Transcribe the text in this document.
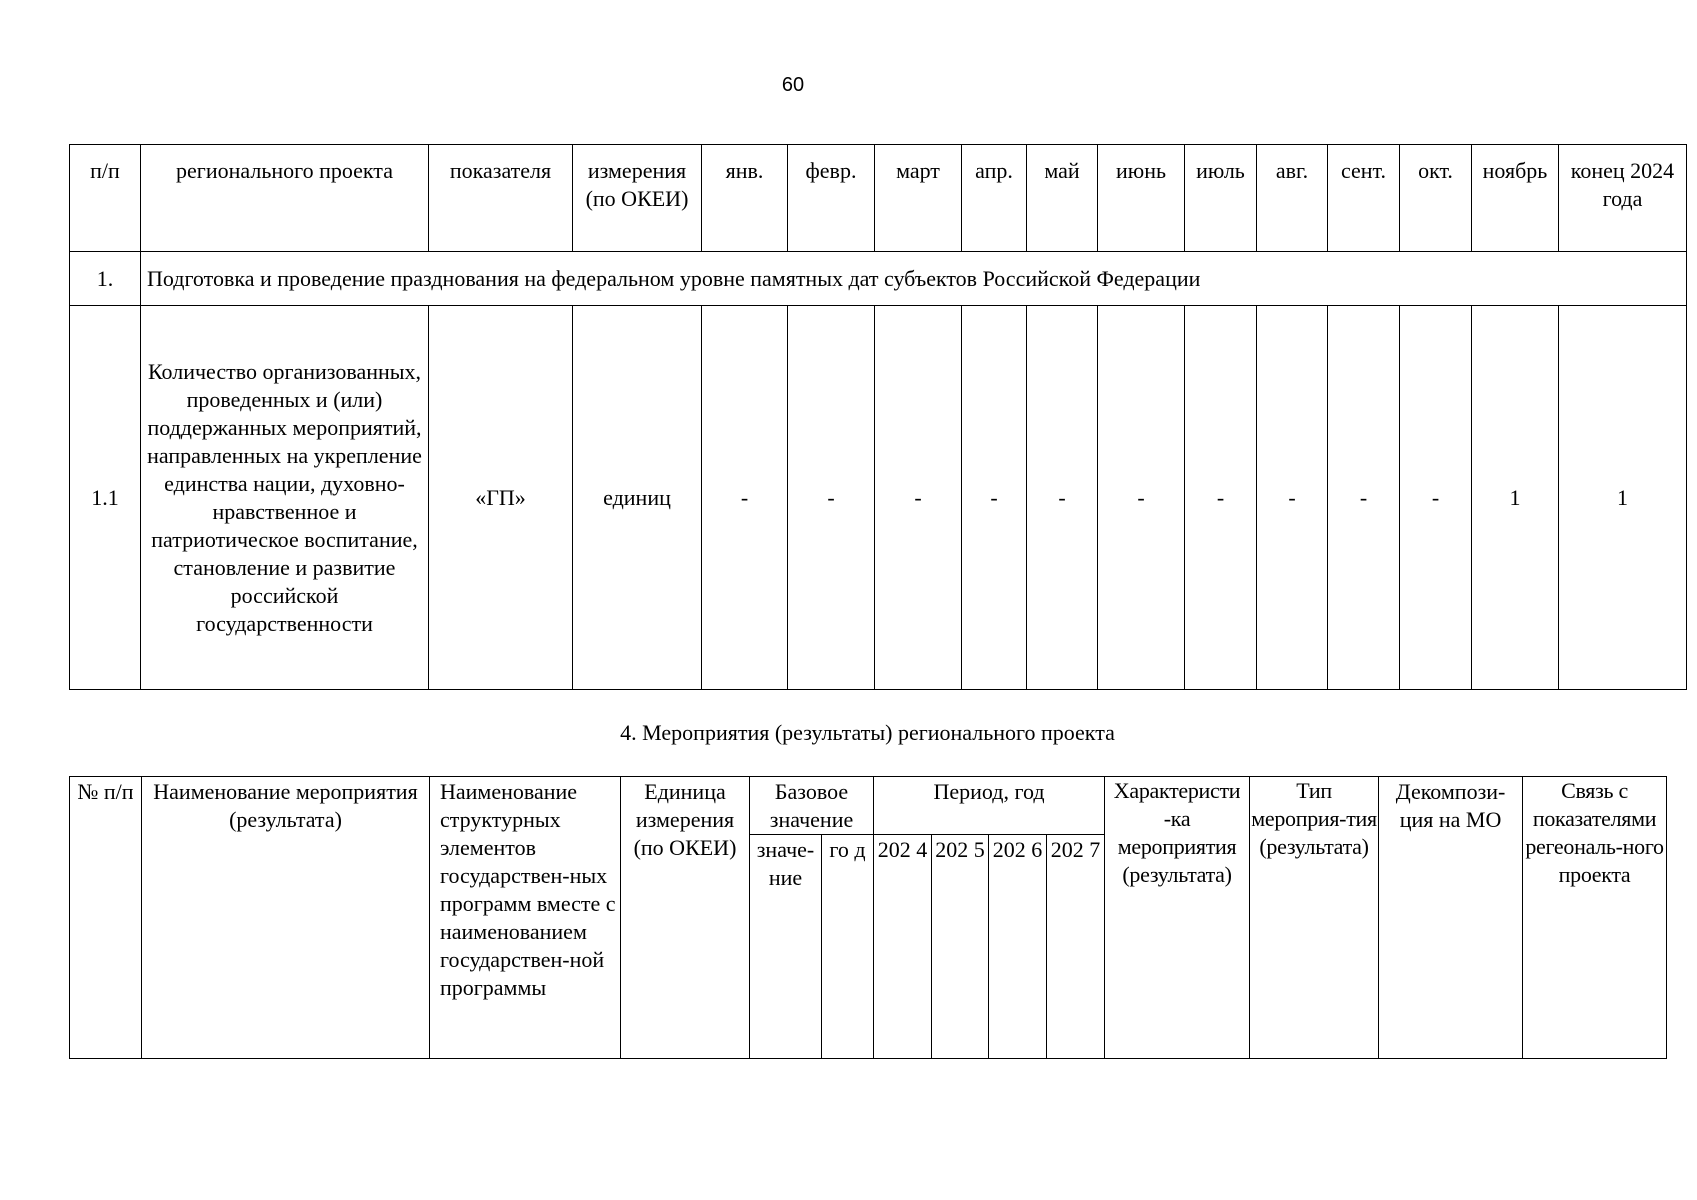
60
п/п	регионального проекта	показателя	измерения (по ОКЕИ)	янв.	февр.	март	апр.	май	июнь	июль	авг.	сент.	окт.	ноябрь	конец 2024 года
1.	Подготовка и проведение празднования на федеральном уровне памятных дат субъектов Российской Федерации														
1.1	Количество организованных, проведенных и (или) поддержанных мероприятий, направленных на укрепление единства нации, духовно-нравственное и патриотическое воспитание, становление и развитие российской государственности	«ГП»	единиц	-	-	-	-	-	-	-	-	-	-	1	1
4. Мероприятия (результаты) регионального проекта
№ п/п	Наименование мероприятия (результата)	Наименование структурных элементов государствен-ных программ вместе с наименованием государствен-ной программы	Единица измерения (по ОКЕИ)	Базовое значение		Период, год				Характеристи -ка мероприятия (результата)	Тип мероприя-тия (результата)	Декомпози-ция на МО	Связь с показателями регеональ-ного проекта
				значе-ние	го д	202 4	202 5	202 6	202 7				
